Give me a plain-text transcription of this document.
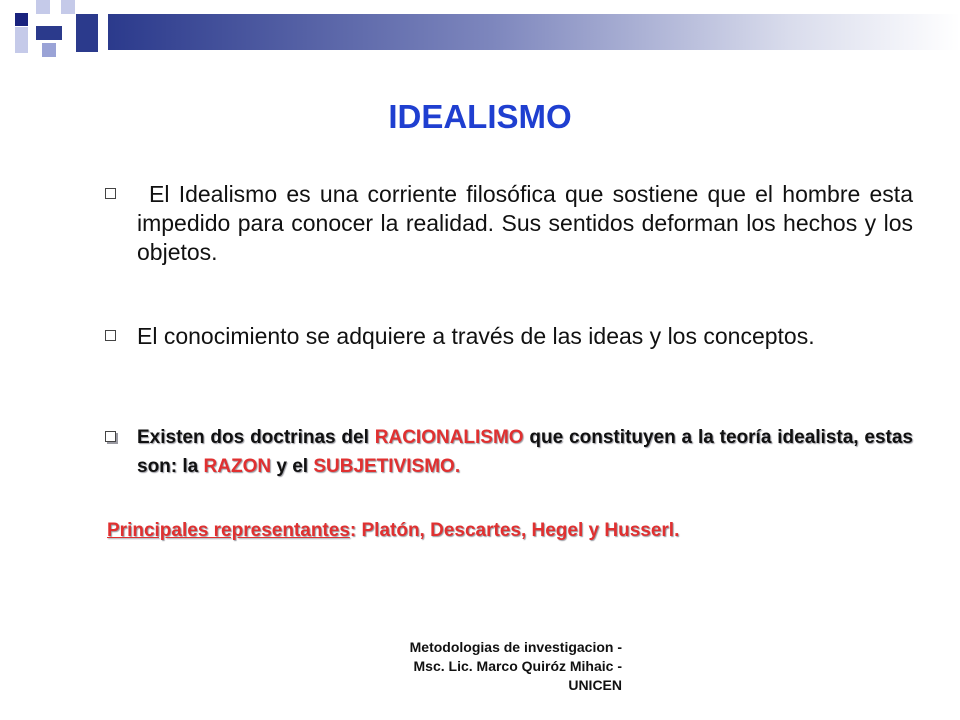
IDEALISMO
El Idealismo es una corriente filosófica que sostiene que el hombre esta impedido para conocer la realidad. Sus sentidos deforman los hechos y los objetos.
El conocimiento se adquiere a través de las ideas y los conceptos.
Existen dos doctrinas del RACIONALISMO que constituyen a la teoría idealista, estas son: la RAZON y el SUBJETIVISMO.
Principales representantes: Platón, Descartes, Hegel y Husserl.
Metodologias de investigacion -
Msc. Lic. Marco Quiróz Mihaic -
UNICEN
